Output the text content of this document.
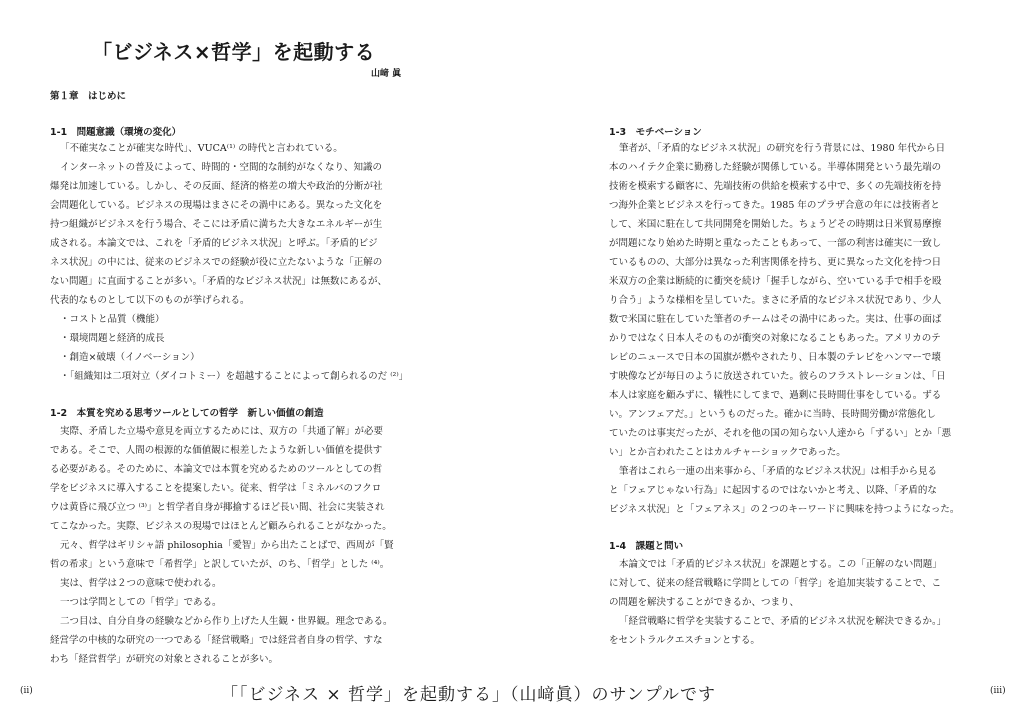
「ビジネス×哲学」を起動する
山﨑 眞
第１章　はじめに
1-1　問題意識（環境の変化）
「不確実なことが確実な時代」、VUCA⁽¹⁾ の時代と言われている。
インターネットの普及によって、時間的・空間的な制約がなくなり、知識の
爆発は加速している。しかし、その反面、経済的格差の増大や政治的分断が社
会問題化している。ビジネスの現場はまさにその渦中にある。異なった文化を
持つ組織がビジネスを行う場合、そこには矛盾に満ちた大きなエネルギーが生
成される。本論文では、これを「矛盾的ビジネス状況」と呼ぶ。「矛盾的ビジ
ネス状況」の中には、従来のビジネスでの経験が役に立たないような「正解の
ない問題」に直面することが多い。「矛盾的なビジネス状況」は無数にあるが、
代表的なものとして以下のものが挙げられる。
・コストと品質（機能）
・環境問題と経済的成長
・創造×破壊（イノベーション）
・「組織知は二項対立（ダイコトミー）を超越することによって創られるのだ ⁽²⁾」
1-2　本質を究める思考ツールとしての哲学　新しい価値の創造
実際、矛盾した立場や意見を両立するためには、双方の「共通了解」が必要
である。そこで、人間の根源的な価値観に根差したような新しい価値を提供す
る必要がある。そのために、本論文では本質を究めるためのツールとしての哲
学をビジネスに導入することを提案したい。従来、哲学は「ミネルバのフクロ
ウは黄昏に飛び立つ ⁽³⁾」と哲学者自身が揶揄するほど長い間、社会に実装され
てこなかった。実際、ビジネスの現場ではほとんど顧みられることがなかった。
元々、哲学はギリシャ語 philosophia「愛智」から出たことばで、西周が「賢
哲の希求」という意味で「希哲学」と訳していたが、のち、「哲学」とした ⁽⁴⁾。
実は、哲学は２つの意味で使われる。
一つは学問としての「哲学」である。
二つ目は、自分自身の経験などから作り上げた人生観・世界観。理念である。
経営学の中核的な研究の一つである「経営戦略」では経営者自身の哲学、すな
わち「経営哲学」が研究の対象とされることが多い。
1-3　モチベーション
筆者が、「矛盾的なビジネス状況」の研究を行う背景には、1980 年代から日
本のハイテク企業に勤務した経験が関係している。半導体開発という最先端の
技術を模索する顧客に、先端技術の供給を模索する中で、多くの先端技術を持
つ海外企業とビジネスを行ってきた。1985 年のプラザ合意の年には技術者と
して、米国に駐在して共同開発を開始した。ちょうどその時期は日米貿易摩擦
が問題になり始めた時期と重なったこともあって、一部の利害は確実に一致し
ているものの、大部分は異なった利害関係を持ち、更に異なった文化を持つ日
米双方の企業は断続的に衝突を続け「握手しながら、空いている手で相手を殴
り合う」ような様相を呈していた。まさに矛盾的なビジネス状況であり、少人
数で米国に駐在していた筆者のチームはその渦中にあった。実は、仕事の面ば
かりではなく日本人そのものが衝突の対象になることもあった。アメリカのテ
レビのニュースで日本の国旗が燃やされたり、日本製のテレビをハンマーで壊
す映像などが毎日のように放送されていた。彼らのフラストレーションは、「日
本人は家庭を顧みずに、犠牲にしてまで、過剰に長時間仕事をしている。ずる
い。アンフェアだ。」というものだった。確かに当時、長時間労働が常態化し
ていたのは事実だったが、それを他の国の知らない人達から「ずるい」とか「悪
い」とか言われたことはカルチャーショックであった。
筆者はこれら一連の出来事から、「矛盾的なビジネス状況」は相手から見る
と「フェアじゃない行為」に起因するのではないかと考え、以降、「矛盾的な
ビジネス状況」と「フェアネス」の２つのキーワードに興味を持つようになった。
1-4　課題と問い
本論文では「矛盾的ビジネス状況」を課題とする。この「正解のない問題」
に対して、従来の経営戦略に学問としての「哲学」を追加実装することで、こ
の問題を解決することができるか、つまり、
「経営戦略に哲学を実装することで、矛盾的ビジネス状況を解決できるか。」
をセントラルクエスチョンとする。
(ii)	「「ビジネス × 哲学」を起動する」（山﨑眞）のサンプルです	(iii)
